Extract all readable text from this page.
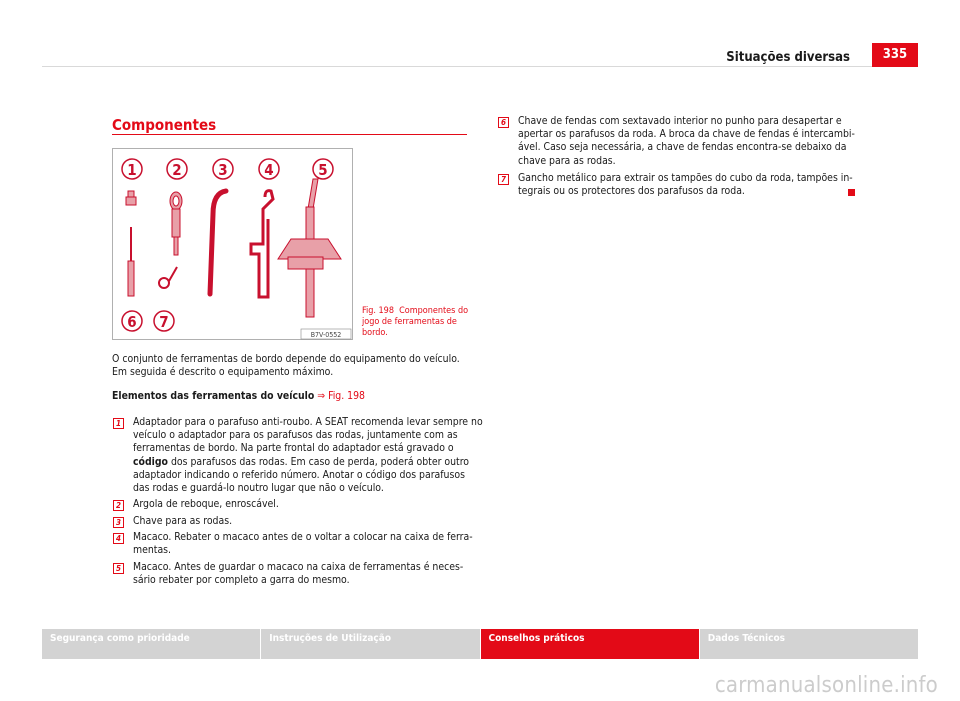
Situações diversas	335
Componentes
1 2 3 4	5
6 7
B7V-0552
Fig. 198 Componentes do jogo de ferramentas de bordo.
O conjunto de ferramentas de bordo depende do equipamento do veículo. Em seguida é descrito o equipamento máximo.
Elementos das ferramentas do veículo ⇒ Fig. 198
1 Adaptador para o parafuso anti-roubo. A SEAT recomenda levar sempre no veículo o adaptador para os parafusos das rodas, juntamente com as ferramentas de bordo. Na parte frontal do adaptador está gravado o código dos parafusos das rodas. Em caso de perda, poderá obter outro adaptador indicando o referido número. Anotar o código dos parafusos das rodas e guardá-lo noutro lugar que não o veículo.
2 Argola de reboque, enroscável.
3 Chave para as rodas.
4 Macaco. Rebater o macaco antes de o voltar a colocar na caixa de ferra- mentas.
5 Macaco. Antes de guardar o macaco na caixa de ferramentas é neces- sário rebater por completo a garra do mesmo.
6 Chave de fendas com sextavado interior no punho para desapertar e apertar os parafusos da roda. A broca da chave de fendas é intercambi- ável. Caso seja necessária, a chave de fendas encontra-se debaixo da chave para as rodas.
7 Gancho metálico para extrair os tampões do cubo da roda, tampões in- tegrais ou os protectores dos parafusos da roda.
Segurança como prioridade	Instruções de Utilização	Conselhos práticos	Dados Técnicos
carmanualsonline.info
